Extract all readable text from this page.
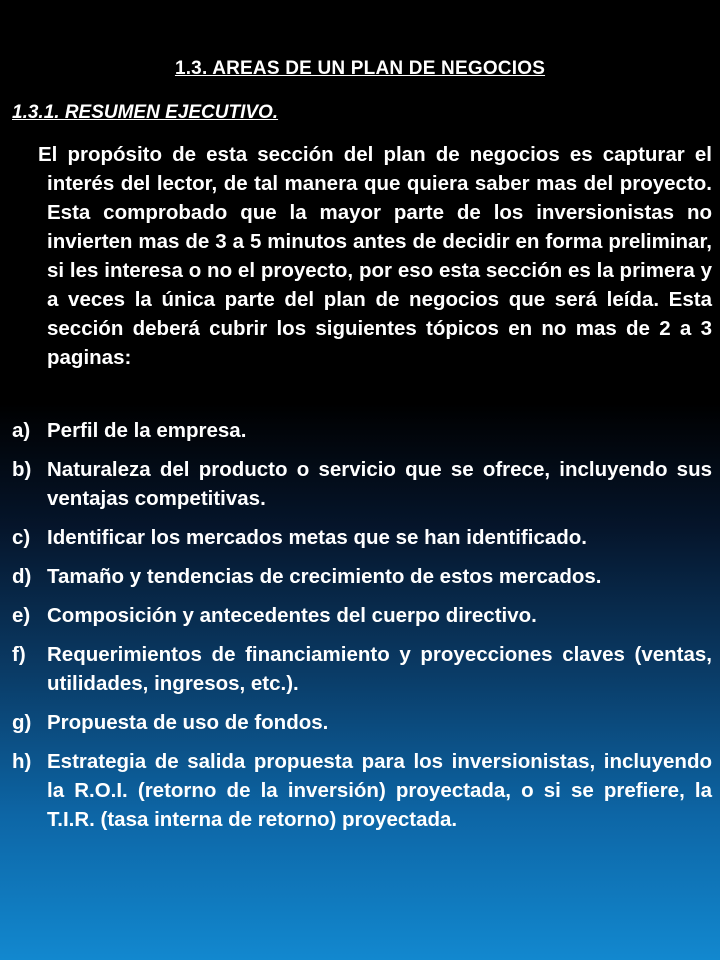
1.3. AREAS DE UN PLAN DE NEGOCIOS
1.3.1. RESUMEN EJECUTIVO.
El propósito de esta sección del plan de negocios es capturar el interés del lector, de tal manera que quiera saber mas del proyecto. Esta comprobado que la mayor parte de los inversionistas no invierten mas de 3 a 5 minutos antes de decidir en forma preliminar, si les interesa o no el proyecto, por eso esta sección es la primera y a veces la única parte del plan de negocios que será leída. Esta sección deberá cubrir los siguientes tópicos en no mas de 2 a 3 paginas:
a) Perfil de la empresa.
b) Naturaleza del producto o servicio que se ofrece, incluyendo sus ventajas competitivas.
c) Identificar los mercados metas que se han identificado.
d) Tamaño y tendencias de crecimiento de estos mercados.
e) Composición y antecedentes del cuerpo directivo.
f)	Requerimientos de financiamiento y proyecciones claves (ventas, utilidades, ingresos, etc.).
g) Propuesta de uso de fondos.
h) Estrategia de salida propuesta para los inversionistas, incluyendo la R.O.I. (retorno de la inversión) proyectada, o si se prefiere, la T.I.R. (tasa interna de retorno) proyectada.
